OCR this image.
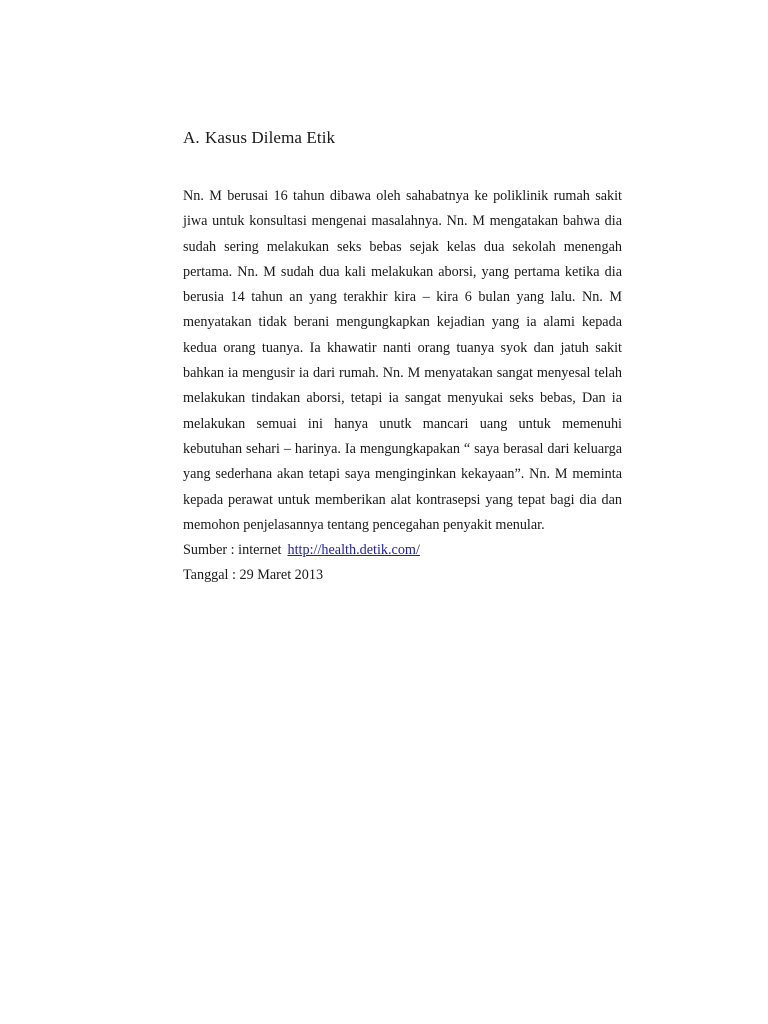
A. Kasus Dilema Etik

Nn. M berusai 16 tahun dibawa oleh sahabatnya ke poliklinik rumah sakit jiwa untuk konsultasi mengenai masalahnya. Nn. M mengatakan bahwa dia sudah sering melakukan seks bebas sejak kelas dua sekolah menengah pertama. Nn. M sudah dua kali melakukan aborsi, yang pertama ketika dia berusia 14 tahun an yang terakhir kira – kira 6 bulan yang lalu. Nn. M menyatakan tidak berani mengungkapkan kejadian yang ia alami kepada kedua orang tuanya. Ia khawatir nanti orang tuanya syok dan jatuh sakit bahkan ia mengusir ia dari rumah. Nn. M menyatakan sangat menyesal telah melakukan tindakan aborsi, tetapi ia sangat menyukai seks bebas, Dan ia melakukan semuai ini hanya unutk mancari uang untuk memenuhi kebutuhan sehari – harinya. Ia mengungkapakan “ saya berasal dari keluarga yang sederhana akan tetapi saya menginginkan kekayaan”. Nn. M meminta kepada perawat untuk memberikan alat kontrasepsi yang tepat bagi dia dan memohon penjelasannya tentang pencegahan penyakit menular.

Sumber : internet http://health.detik.com/

Tanggal : 29 Maret 2013
